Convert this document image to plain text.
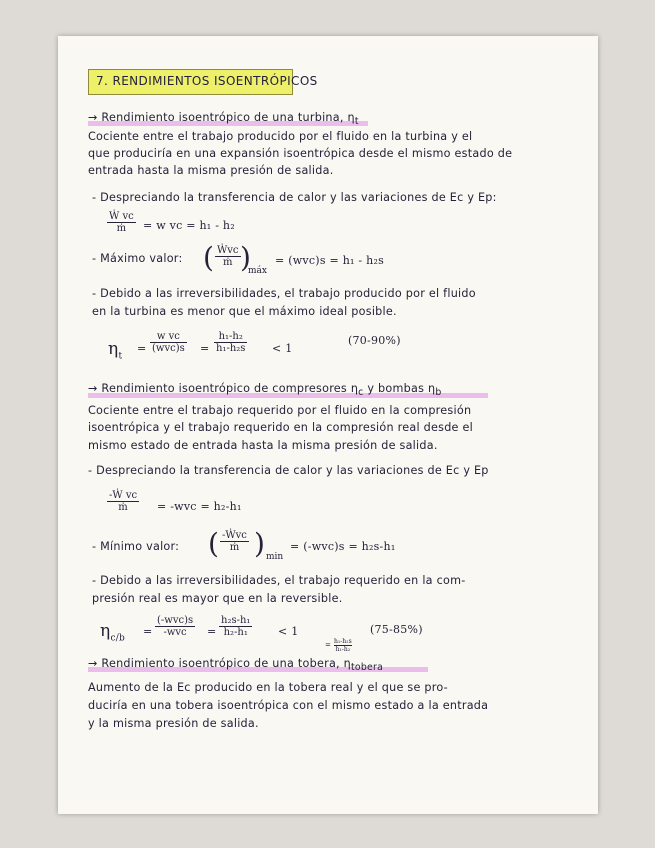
7. RENDIMIENTOS ISOENTRÓPICOS
→ Rendimiento isoentrópico de una turbina, $\eta_t$
Cociente entre el trabajo producido por el fluido en la turbina y el
que produciría en una expansión isoentrópica desde el mismo estado de
entrada hasta la misma presión de salida.
- Despreciando la transferencia de calor y las variaciones de Ec y Ep:
$\frac{\text{Ẇ vc}}{\text{ṁ}} = w$ vc = h₁ - h₂
- Máximo valor: ( Ẇvc
ṁ )
máx
= (wvc)s = h₁ - h₂s
- Debido a las irreversibilidades, el trabajo producido por el fluido
en la turbina es menor que el máximo ideal posible.
$\eta_t$
=
w vc
$(wvc)s = \frac{\text{h₁-h₂}}{\text{h₁-h₂s}} < 1$
(70-90%)
→ Rendimiento isoentrópico de compresores $\eta_c$ y bombas $\eta_b$
Cociente entre el trabajo requerido por el fluido en la compresión
isoentrópica y el trabajo requerido en la compresión real desde el
mismo estado de entrada hasta la misma presión de salida.
- Despreciando la transferencia de calor y las variaciones de Ec y Ep
$\frac{\text{-Ẇ vc}}{\text{ṁ}} = -wvc = h_2-h_1$
- Mínimo valor: ( -Ẇvc
ṁ ) min
= (-wvc)s = h₂s-h₁
- Debido a las irreversibilidades, el trabajo requerido en la com-
presión real es mayor que en la reversible.
$\eta_{c/b}$
=
(-wvc)s
-wvc	= $\frac{\text{h₂s-h₁}}{\text{h₂-h₁}} < 1$	(75-85%)
= $\frac{\text{h₁-h₂s}}{\text{h₁-h₂}}$
→ Rendimiento isoentrópico de una tobera, $\eta_{tobera}$
Aumento de la Ec producido en la tobera real y el que se pro-
duciría en una tobera isoentrópica con el mismo estado a la entrada
y la misma presión de salida.
